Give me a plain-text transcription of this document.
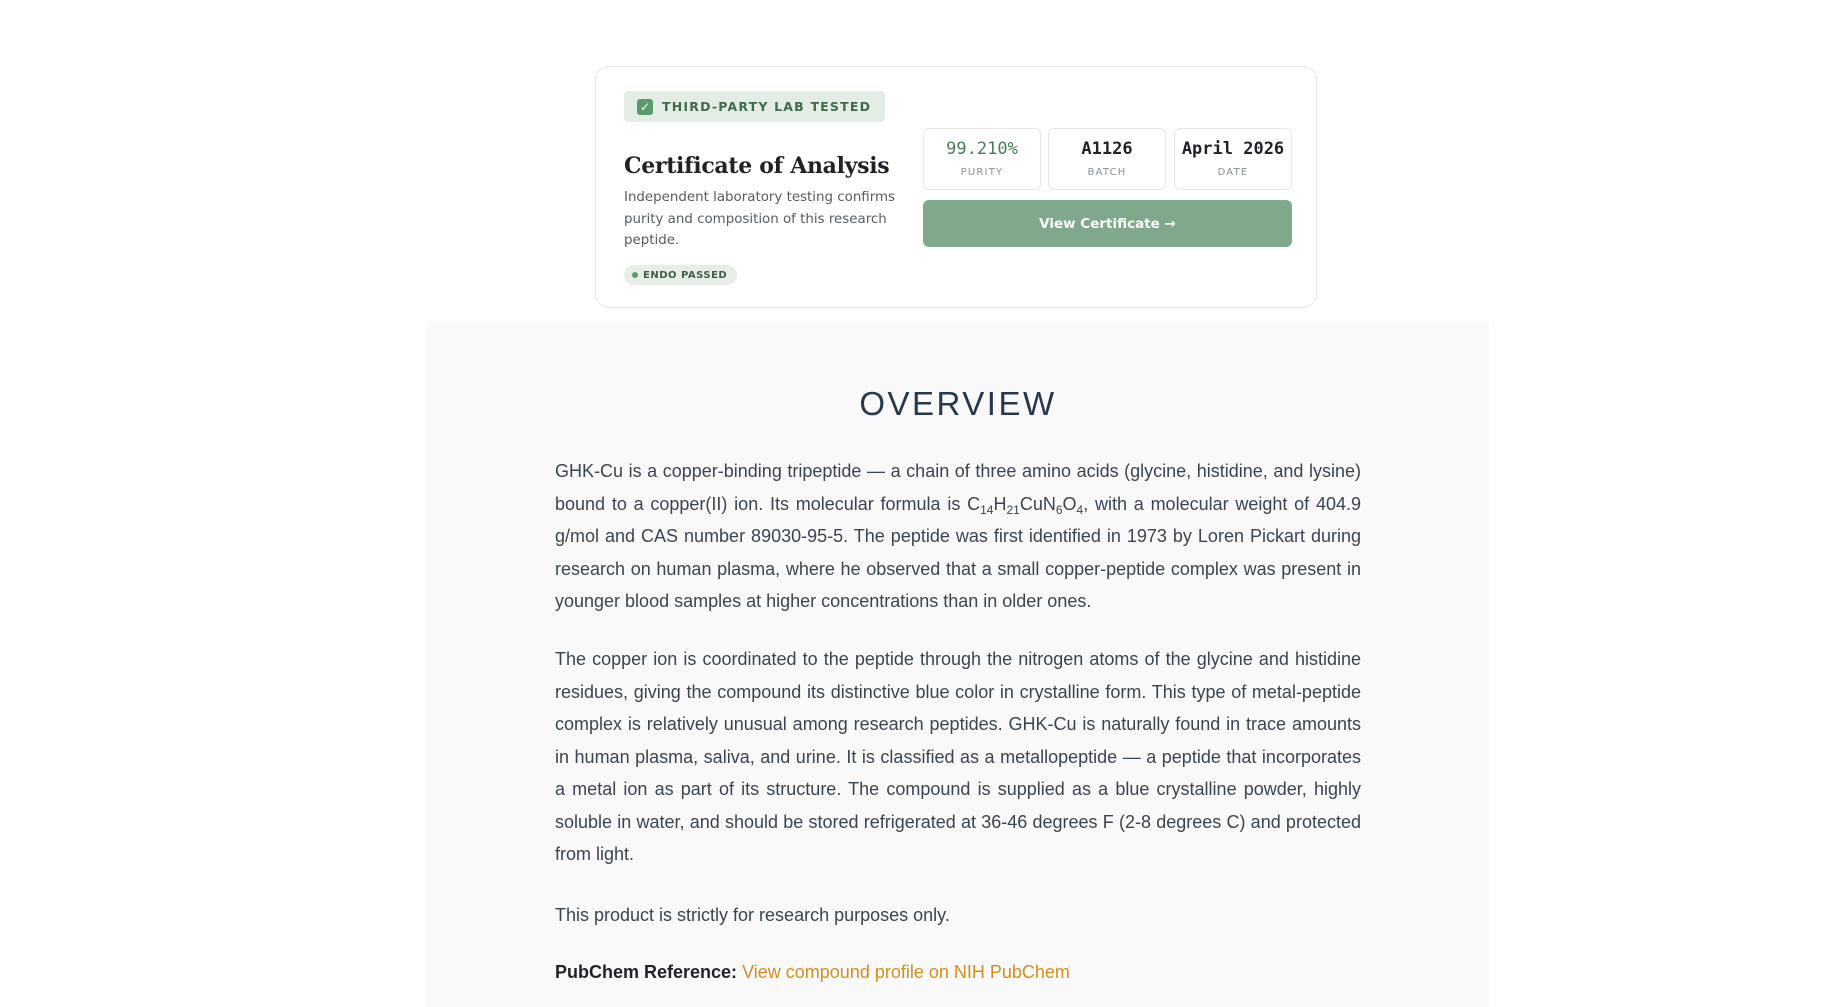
✓ THIRD-PARTY LAB TESTED
Certificate of Analysis
Independent laboratory testing confirms purity and composition of this research peptide.
ENDO PASSED
99.210%
PURITY
A1126
BATCH
April 2026
DATE
View Certificate →
OVERVIEW

GHK-Cu is a copper-binding tripeptide — a chain of three amino acids (glycine, histidine, and lysine) bound to a copper(II) ion. Its molecular formula is $C_{14}H_{21}CuN_6O_4$, with a molecular weight of 404.9 g/mol and CAS number 89030-95-5. The peptide was first identified in 1973 by Loren Pickart during research on human plasma, where he observed that a small copper-peptide complex was present in younger blood samples at higher concentrations than in older ones.

The copper ion is coordinated to the peptide through the nitrogen atoms of the glycine and histidine residues, giving the compound its distinctive blue color in crystalline form. This type of metal-peptide complex is relatively unusual among research peptides. GHK-Cu is naturally found in trace amounts in human plasma, saliva, and urine. It is classified as a metallopeptide — a peptide that incorporates a metal ion as part of its structure. The compound is supplied as a blue crystalline powder, highly soluble in water, and should be stored refrigerated at 36-46 degrees F (2-8 degrees C) and protected from light.

This product is strictly for research purposes only.

PubChem Reference: View compound profile on NIH PubChem
